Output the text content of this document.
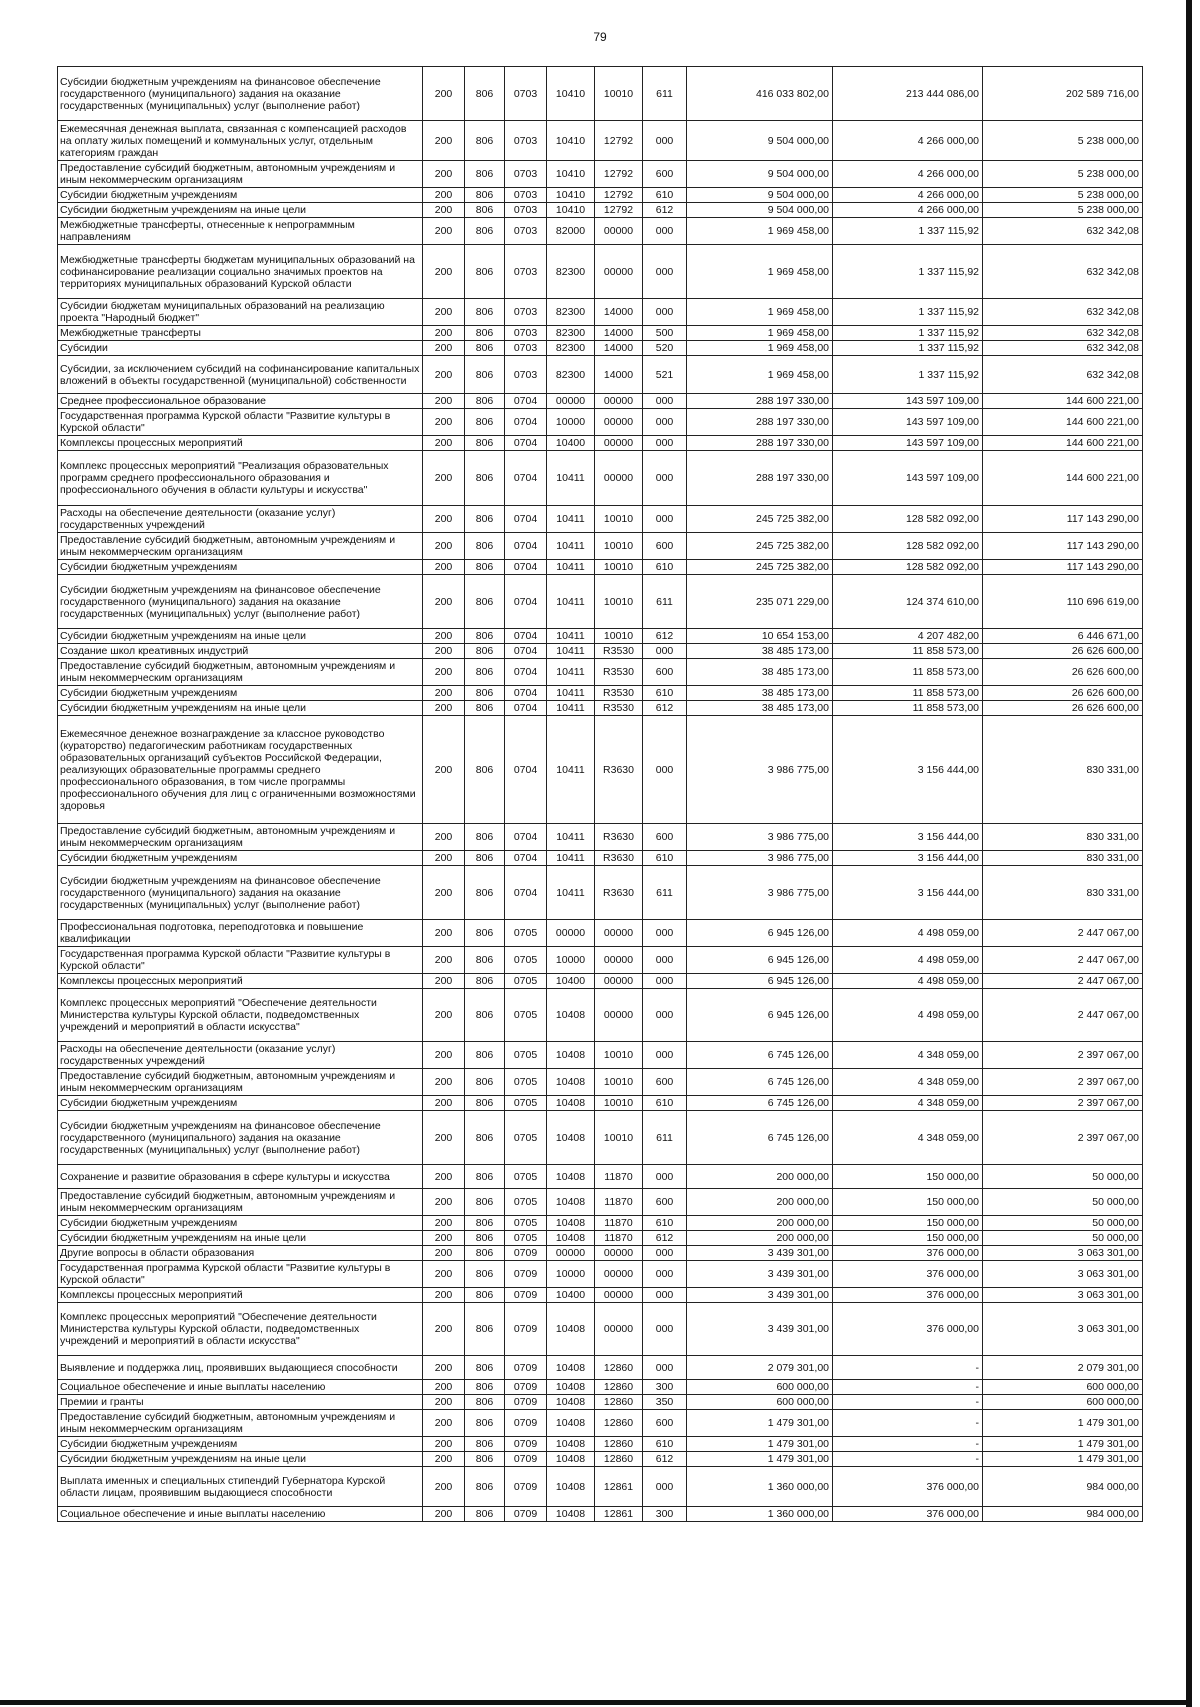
79
Субсидии бюджетным учреждениям на финансовое обеспечение государственного (муниципального) задания на оказание государственных (муниципальных) услуг (выполнение работ)	200	806	0703	10410	10010	611	416 033 802,00	213 444 086,00	202 589 716,00
Ежемесячная денежная выплата, связанная с компенсацией расходов на оплату жилых помещений и коммунальных услуг, отдельным категориям граждан	200	806	0703	10410	12792	000	9 504 000,00	4 266 000,00	5 238 000,00
Предоставление субсидий бюджетным, автономным учреждениям и иным некоммерческим организациям	200	806	0703	10410	12792	600	9 504 000,00	4 266 000,00	5 238 000,00
Субсидии бюджетным учреждениям	200	806	0703	10410	12792	610	9 504 000,00	4 266 000,00	5 238 000,00
Субсидии бюджетным учреждениям на иные цели	200	806	0703	10410	12792	612	9 504 000,00	4 266 000,00	5 238 000,00
Межбюджетные трансферты, отнесенные к непрограммным направлениям	200	806	0703	82000	00000	000	1 969 458,00	1 337 115,92	632 342,08
Межбюджетные трансферты бюджетам муниципальных образований на софинансирование реализации социально значимых проектов на территориях муниципальных образований Курской области	200	806	0703	82300	00000	000	1 969 458,00	1 337 115,92	632 342,08
Субсидии бюджетам муниципальных образований на реализацию проекта "Народный бюджет"	200	806	0703	82300	14000	000	1 969 458,00	1 337 115,92	632 342,08
Межбюджетные трансферты	200	806	0703	82300	14000	500	1 969 458,00	1 337 115,92	632 342,08
Субсидии	200	806	0703	82300	14000	520	1 969 458,00	1 337 115,92	632 342,08
Субсидии, за исключением субсидий на софинансирование капитальных вложений в объекты государственной (муниципальной) собственности	200	806	0703	82300	14000	521	1 969 458,00	1 337 115,92	632 342,08
Среднее профессиональное образование	200	806	0704	00000	00000	000	288 197 330,00	143 597 109,00	144 600 221,00
Государственная программа Курской области "Развитие культуры в Курской области"	200	806	0704	10000	00000	000	288 197 330,00	143 597 109,00	144 600 221,00
Комплексы процессных мероприятий	200	806	0704	10400	00000	000	288 197 330,00	143 597 109,00	144 600 221,00
Комплекс процессных мероприятий "Реализация образовательных программ среднего профессионального образования и профессионального обучения в области культуры и искусства"	200	806	0704	10411	00000	000	288 197 330,00	143 597 109,00	144 600 221,00
Расходы на обеспечение деятельности (оказание услуг) государственных учреждений	200	806	0704	10411	10010	000	245 725 382,00	128 582 092,00	117 143 290,00
Предоставление субсидий бюджетным, автономным учреждениям и иным некоммерческим организациям	200	806	0704	10411	10010	600	245 725 382,00	128 582 092,00	117 143 290,00
Субсидии бюджетным учреждениям	200	806	0704	10411	10010	610	245 725 382,00	128 582 092,00	117 143 290,00
Субсидии бюджетным учреждениям на финансовое обеспечение государственного (муниципального) задания на оказание государственных (муниципальных) услуг (выполнение работ)	200	806	0704	10411	10010	611	235 071 229,00	124 374 610,00	110 696 619,00
Субсидии бюджетным учреждениям на иные цели	200	806	0704	10411	10010	612	10 654 153,00	4 207 482,00	6 446 671,00
Создание школ креативных индустрий	200	806	0704	10411	R3530	000	38 485 173,00	11 858 573,00	26 626 600,00
Предоставление субсидий бюджетным, автономным учреждениям и иным некоммерческим организациям	200	806	0704	10411	R3530	600	38 485 173,00	11 858 573,00	26 626 600,00
Субсидии бюджетным учреждениям	200	806	0704	10411	R3530	610	38 485 173,00	11 858 573,00	26 626 600,00
Субсидии бюджетным учреждениям на иные цели	200	806	0704	10411	R3530	612	38 485 173,00	11 858 573,00	26 626 600,00
Ежемесячное денежное вознаграждение за классное руководство (кураторство) педагогическим работникам государственных образовательных организаций субъектов Российской Федерации, реализующих образовательные программы среднего профессионального образования, в том числе программы профессионального обучения для лиц с ограниченными возможностями здоровья	200	806	0704	10411	R3630	000	3 986 775,00	3 156 444,00	830 331,00
Предоставление субсидий бюджетным, автономным учреждениям и иным некоммерческим организациям	200	806	0704	10411	R3630	600	3 986 775,00	3 156 444,00	830 331,00
Субсидии бюджетным учреждениям	200	806	0704	10411	R3630	610	3 986 775,00	3 156 444,00	830 331,00
Субсидии бюджетным учреждениям на финансовое обеспечение государственного (муниципального) задания на оказание государственных (муниципальных) услуг (выполнение работ)	200	806	0704	10411	R3630	611	3 986 775,00	3 156 444,00	830 331,00
Профессиональная подготовка, переподготовка и повышение квалификации	200	806	0705	00000	00000	000	6 945 126,00	4 498 059,00	2 447 067,00
Государственная программа Курской области "Развитие культуры в Курской области"	200	806	0705	10000	00000	000	6 945 126,00	4 498 059,00	2 447 067,00
Комплексы процессных мероприятий	200	806	0705	10400	00000	000	6 945 126,00	4 498 059,00	2 447 067,00
Комплекс процессных мероприятий "Обеспечение деятельности Министерства культуры Курской области, подведомственных учреждений и мероприятий в области искусства"	200	806	0705	10408	00000	000	6 945 126,00	4 498 059,00	2 447 067,00
Расходы на обеспечение деятельности (оказание услуг) государственных учреждений	200	806	0705	10408	10010	000	6 745 126,00	4 348 059,00	2 397 067,00
Предоставление субсидий бюджетным, автономным учреждениям и иным некоммерческим организациям	200	806	0705	10408	10010	600	6 745 126,00	4 348 059,00	2 397 067,00
Субсидии бюджетным учреждениям	200	806	0705	10408	10010	610	6 745 126,00	4 348 059,00	2 397 067,00
Субсидии бюджетным учреждениям на финансовое обеспечение государственного (муниципального) задания на оказание государственных (муниципальных) услуг (выполнение работ)	200	806	0705	10408	10010	611	6 745 126,00	4 348 059,00	2 397 067,00
Сохранение и развитие образования в сфере культуры и искусства	200	806	0705	10408	11870	000	200 000,00	150 000,00	50 000,00
Предоставление субсидий бюджетным, автономным учреждениям и иным некоммерческим организациям	200	806	0705	10408	11870	600	200 000,00	150 000,00	50 000,00
Субсидии бюджетным учреждениям	200	806	0705	10408	11870	610	200 000,00	150 000,00	50 000,00
Субсидии бюджетным учреждениям на иные цели	200	806	0705	10408	11870	612	200 000,00	150 000,00	50 000,00
Другие вопросы в области образования	200	806	0709	00000	00000	000	3 439 301,00	376 000,00	3 063 301,00
Государственная программа Курской области "Развитие культуры в Курской области"	200	806	0709	10000	00000	000	3 439 301,00	376 000,00	3 063 301,00
Комплексы процессных мероприятий	200	806	0709	10400	00000	000	3 439 301,00	376 000,00	3 063 301,00
Комплекс процессных мероприятий "Обеспечение деятельности Министерства культуры Курской области, подведомственных учреждений и мероприятий в области искусства"	200	806	0709	10408	00000	000	3 439 301,00	376 000,00	3 063 301,00
Выявление и поддержка лиц, проявивших выдающиеся способности	200	806	0709	10408	12860	000	2 079 301,00	-	2 079 301,00
Социальное обеспечение и иные выплаты населению	200	806	0709	10408	12860	300	600 000,00	-	600 000,00
Премии и гранты	200	806	0709	10408	12860	350	600 000,00	-	600 000,00
Предоставление субсидий бюджетным, автономным учреждениям и иным некоммерческим организациям	200	806	0709	10408	12860	600	1 479 301,00	-	1 479 301,00
Субсидии бюджетным учреждениям	200	806	0709	10408	12860	610	1 479 301,00	-	1 479 301,00
Субсидии бюджетным учреждениям на иные цели	200	806	0709	10408	12860	612	1 479 301,00	-	1 479 301,00
Выплата именных и специальных стипендий Губернатора Курской области лицам, проявившим выдающиеся способности	200	806	0709	10408	12861	000	1 360 000,00	376 000,00	984 000,00
Социальное обеспечение и иные выплаты населению	200	806	0709	10408	12861	300	1 360 000,00	376 000,00	984 000,00
